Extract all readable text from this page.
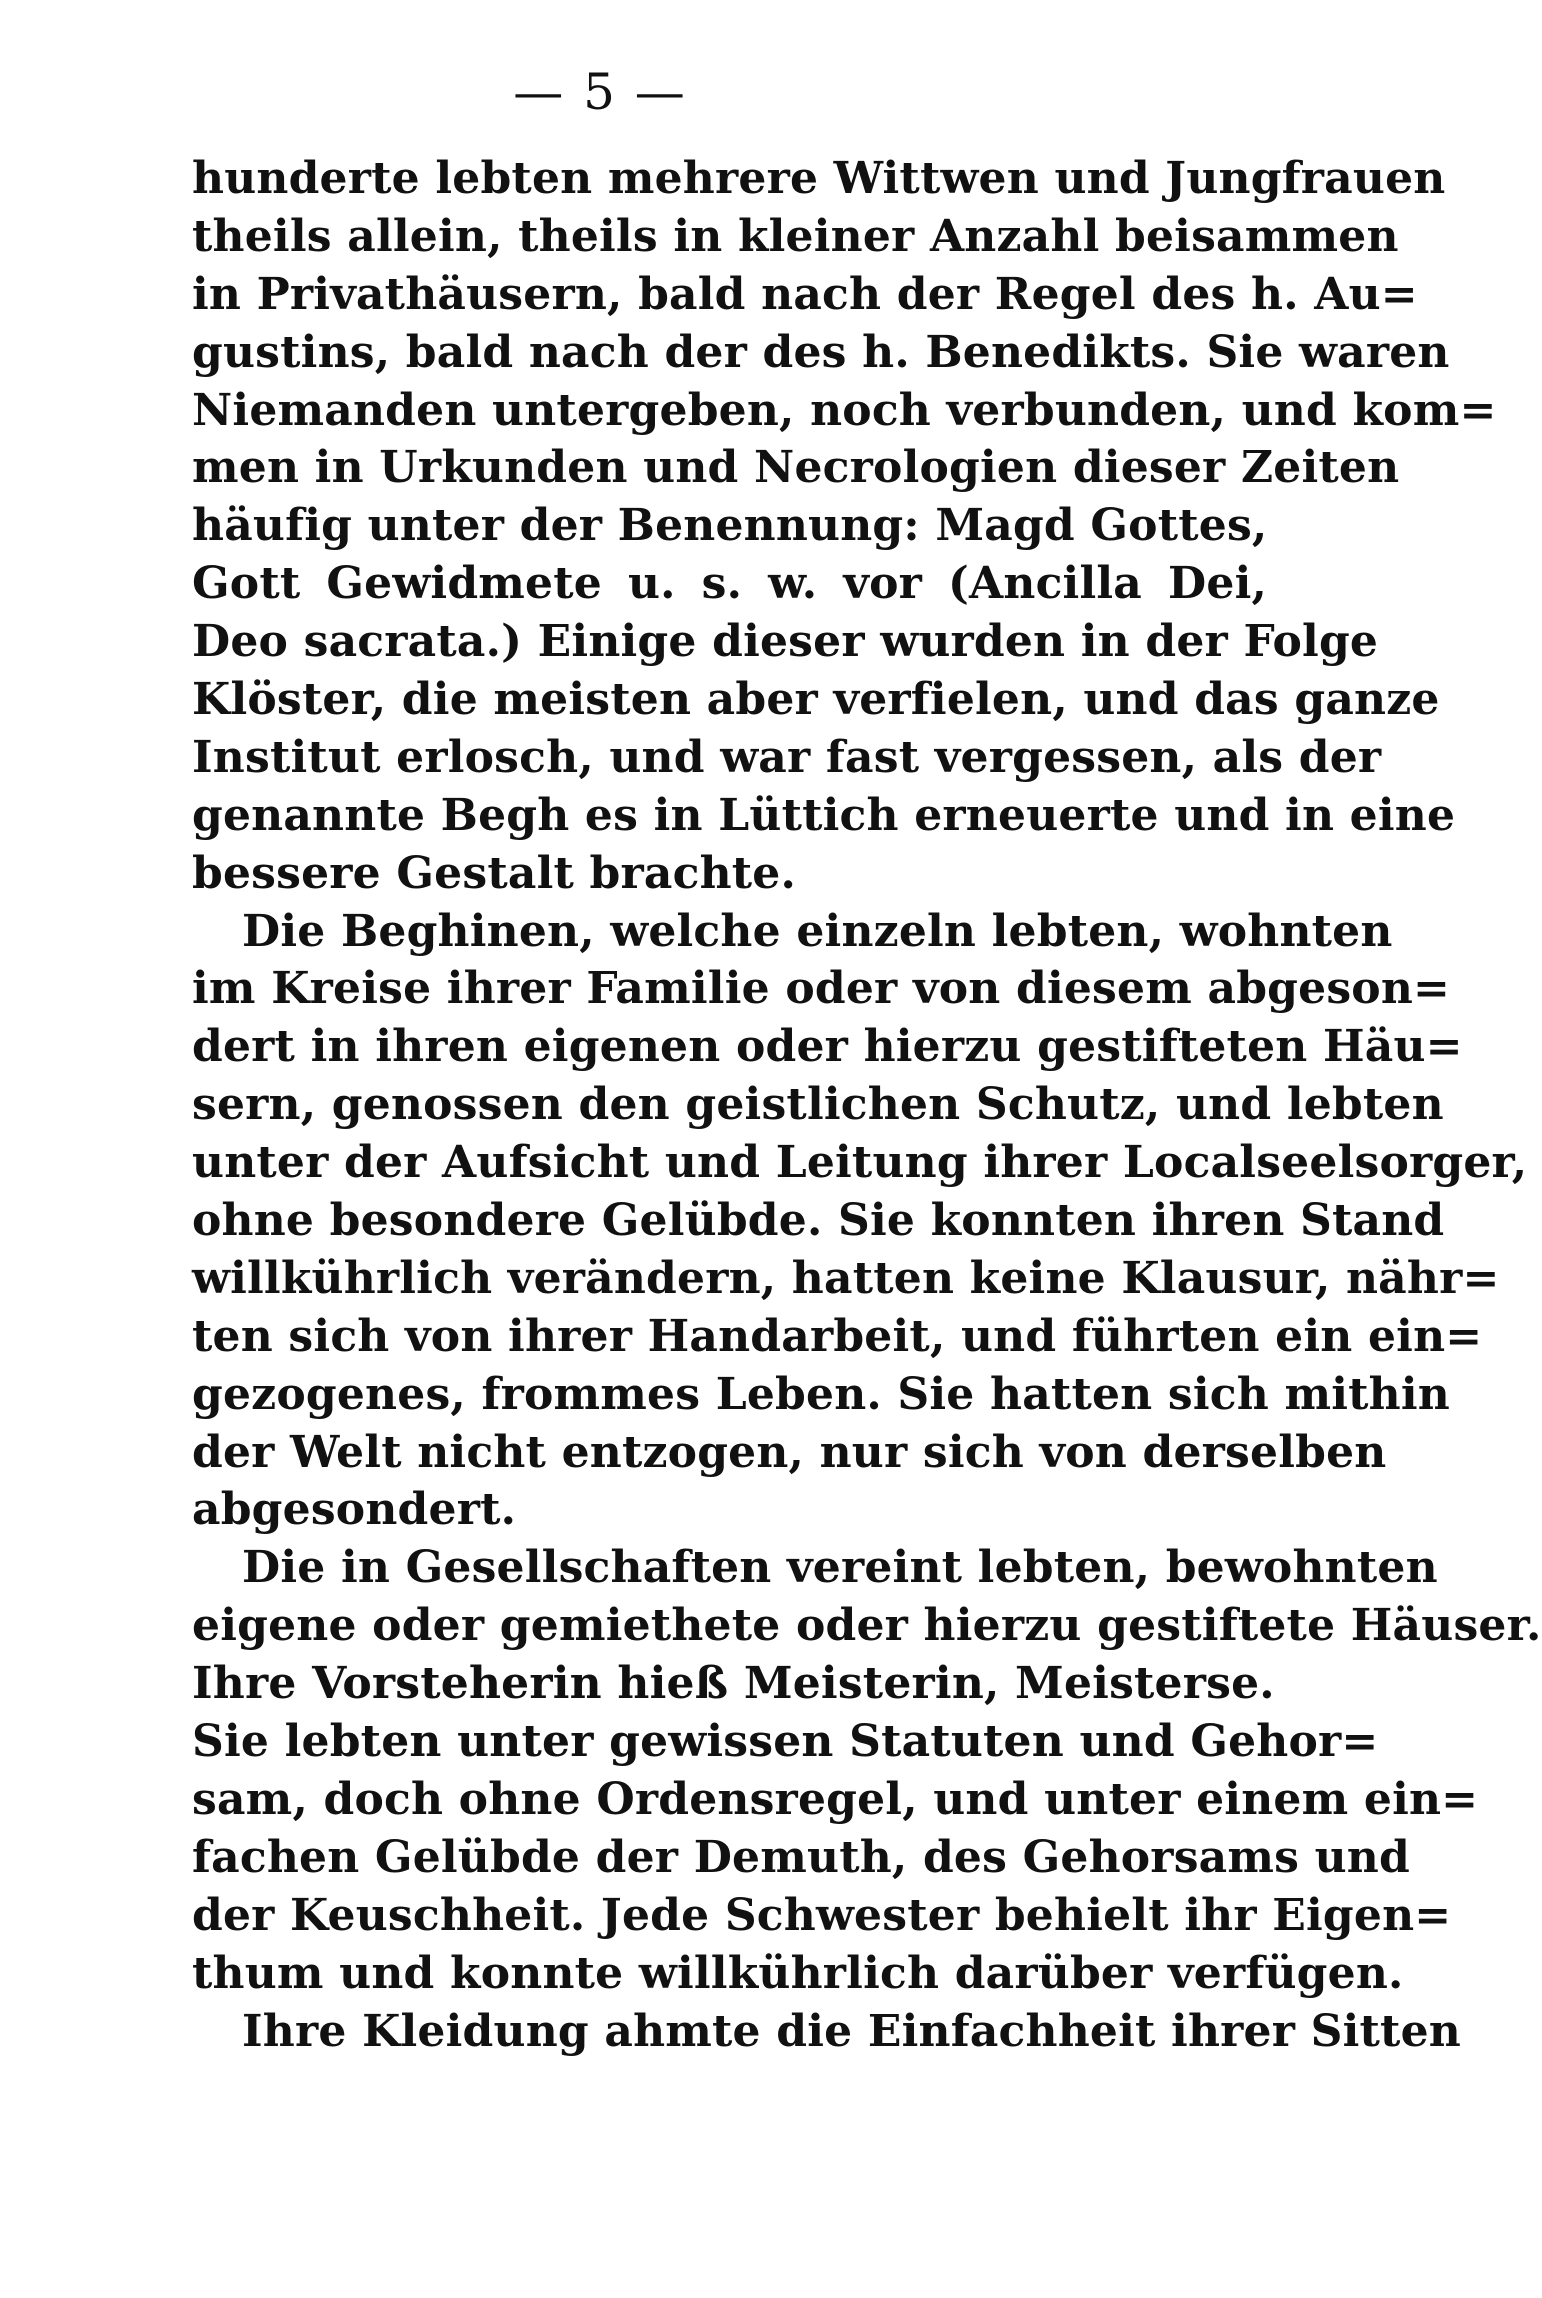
— 5 —
hunderte lebten mehrere Wittwen und Jungfrauen
theils allein, theils in kleiner Anzahl beisammen
in Privathäusern, bald nach der Regel des h. Au=
gustins, bald nach der des h. Benedikts. Sie waren
Niemanden untergeben, noch verbunden, und kom=
men in Urkunden und Necrologien dieser Zeiten
häufig unter der Benennung: Magd Gottes,
Gott Gewidmete u. s. w. vor (Ancilla Dei,
Deo sacrata.) Einige dieser wurden in der Folge
Klöster, die meisten aber verfielen, und das ganze
Institut erlosch, und war fast vergessen, als der
genannte Begh es in Lüttich erneuerte und in eine
bessere Gestalt brachte.
Die Beghinen, welche einzeln lebten, wohnten
im Kreise ihrer Familie oder von diesem abgeson=
dert in ihren eigenen oder hierzu gestifteten Häu=
sern, genossen den geistlichen Schutz, und lebten
unter der Aufsicht und Leitung ihrer Localseelsorger,
ohne besondere Gelübde. Sie konnten ihren Stand
willkührlich verändern, hatten keine Klausur, nähr=
ten sich von ihrer Handarbeit, und führten ein ein=
gezogenes, frommes Leben. Sie hatten sich mithin
der Welt nicht entzogen, nur sich von derselben
abgesondert.
Die in Gesellschaften vereint lebten, bewohnten
eigene oder gemiethete oder hierzu gestiftete Häuser.
Ihre Vorsteherin hieß Meisterin, Meisterse.
Sie lebten unter gewissen Statuten und Gehor=
sam, doch ohne Ordensregel, und unter einem ein=
fachen Gelübde der Demuth, des Gehorsams und
der Keuschheit. Jede Schwester behielt ihr Eigen=
thum und konnte willkührlich darüber verfügen.
Ihre Kleidung ahmte die Einfachheit ihrer Sitten
